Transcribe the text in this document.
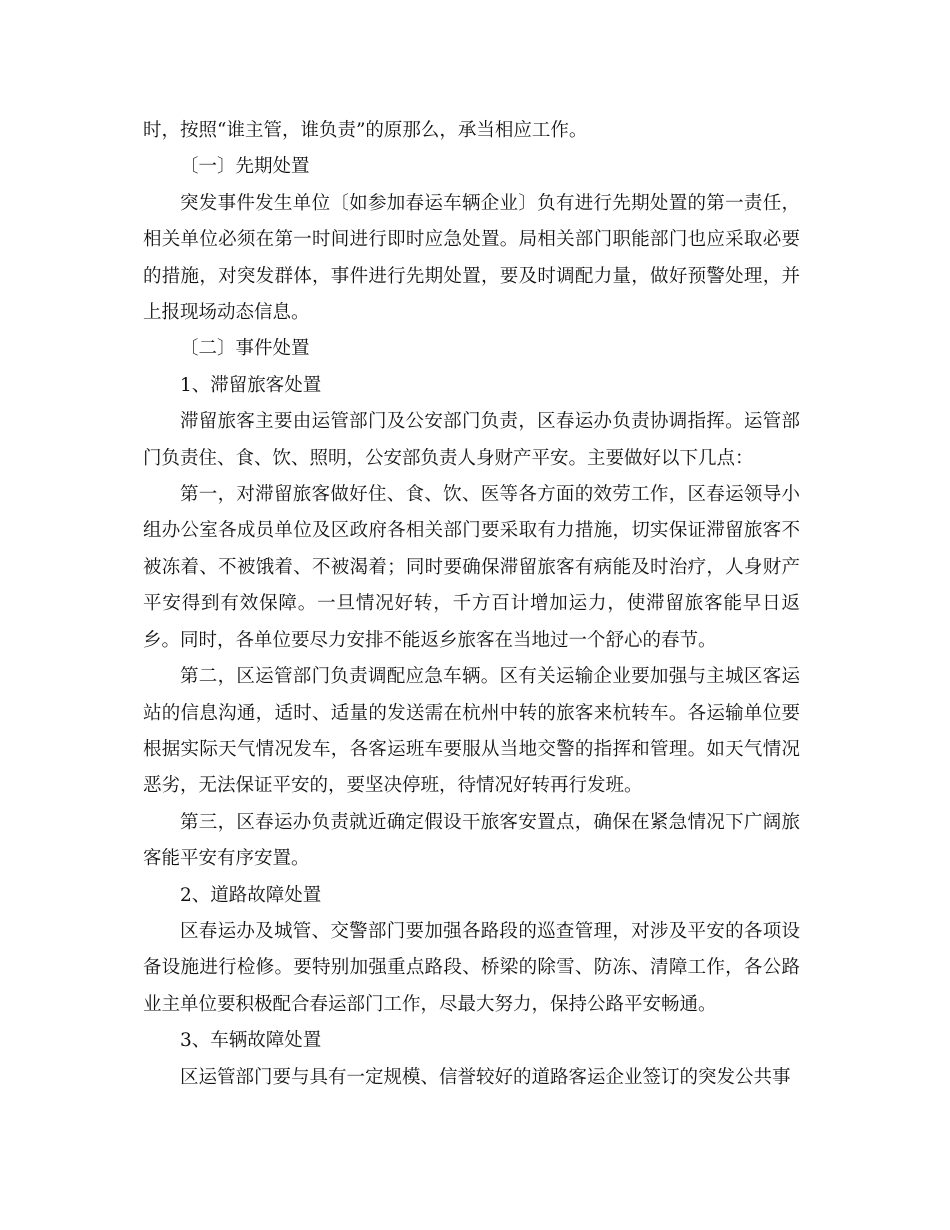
时，按照“谁主管，谁负责”的原那么，承当相应工作。

〔一〕先期处置

突发事件发生单位〔如参加春运车辆企业〕负有进行先期处置的第一责任，相关单位必须在第一时间进行即时应急处置。局相关部门职能部门也应采取必要的措施，对突发群体，事件进行先期处置，要及时调配力量，做好预警处理，并上报现场动态信息。

〔二〕事件处置

1、滞留旅客处置

滞留旅客主要由运管部门及公安部门负责，区春运办负责协调指挥。运管部门负责住、食、饮、照明，公安部负责人身财产平安。主要做好以下几点：

第一，对滞留旅客做好住、食、饮、医等各方面的效劳工作，区春运领导小组办公室各成员单位及区政府各相关部门要采取有力措施，切实保证滞留旅客不被冻着、不被饿着、不被渴着；同时要确保滞留旅客有病能及时治疗，人身财产平安得到有效保障。一旦情况好转，千方百计增加运力，使滞留旅客能早日返乡。同时，各单位要尽力安排不能返乡旅客在当地过一个舒心的春节。

第二，区运管部门负责调配应急车辆。区有关运输企业要加强与主城区客运站的信息沟通，适时、适量的发送需在杭州中转的旅客来杭转车。各运输单位要根据实际天气情况发车，各客运班车要服从当地交警的指挥和管理。如天气情况恶劣，无法保证平安的，要坚决停班，待情况好转再行发班。

第三，区春运办负责就近确定假设干旅客安置点，确保在紧急情况下广阔旅客能平安有序安置。

2、道路故障处置

区春运办及城管、交警部门要加强各路段的巡查管理，对涉及平安的各项设备设施进行检修。要特别加强重点路段、桥梁的除雪、防冻、清障工作，各公路业主单位要积极配合春运部门工作，尽最大努力，保持公路平安畅通。

3、车辆故障处置

区运管部门要与具有一定规模、信誉较好的道路客运企业签订的突发公共事
